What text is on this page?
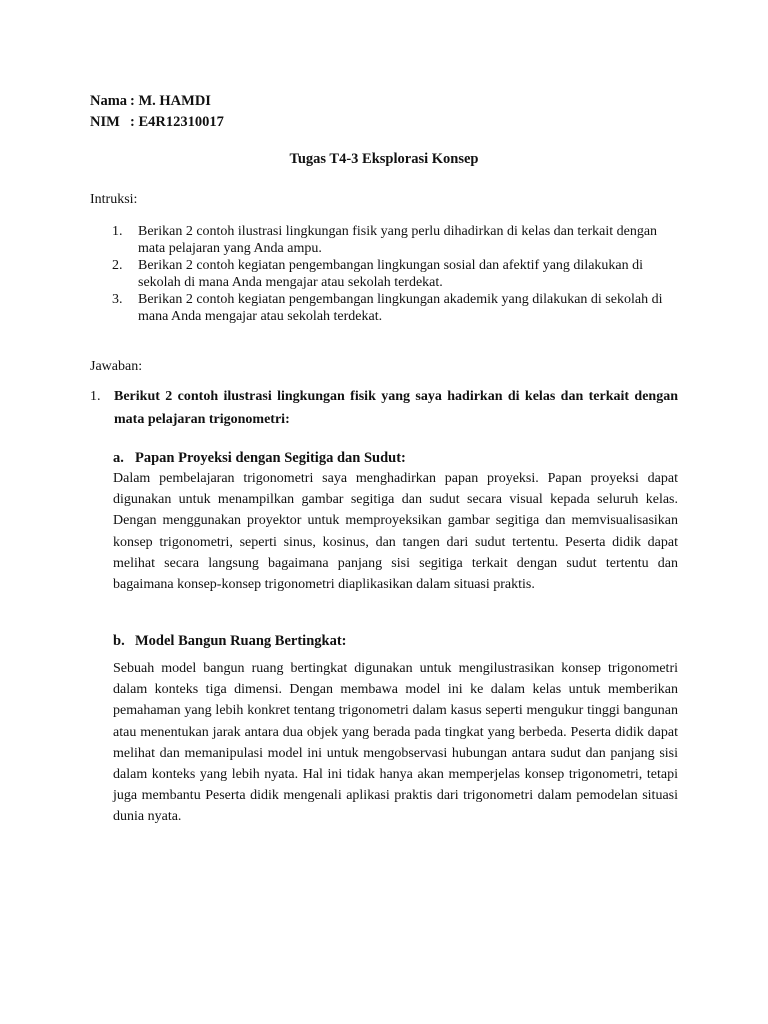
Nama : M. HAMDI
NIM : E4R12310017
Tugas T4-3 Eksplorasi Konsep
Intruksi:
1.	Berikan 2 contoh ilustrasi lingkungan fisik yang perlu dihadirkan di kelas dan terkait dengan mata pelajaran yang Anda ampu.
2.	Berikan 2 contoh kegiatan pengembangan lingkungan sosial dan afektif yang dilakukan di sekolah di mana Anda mengajar atau sekolah terdekat.
3.	Berikan 2 contoh kegiatan pengembangan lingkungan akademik yang dilakukan di sekolah di mana Anda mengajar atau sekolah terdekat.
Jawaban:
1. Berikut 2 contoh ilustrasi lingkungan fisik yang saya hadirkan di kelas dan terkait dengan mata pelajaran trigonometri:
a. Papan Proyeksi dengan Segitiga dan Sudut:
Dalam pembelajaran trigonometri saya menghadirkan papan proyeksi. Papan proyeksi dapat digunakan untuk menampilkan gambar segitiga dan sudut secara visual kepada seluruh kelas. Dengan menggunakan proyektor untuk memproyeksikan gambar segitiga dan memvisualisasikan konsep trigonometri, seperti sinus, kosinus, dan tangen dari sudut tertentu. Peserta didik dapat melihat secara langsung bagaimana panjang sisi segitiga terkait dengan sudut tertentu dan bagaimana konsep-konsep trigonometri diaplikasikan dalam situasi praktis.
b. Model Bangun Ruang Bertingkat:
Sebuah model bangun ruang bertingkat digunakan untuk mengilustrasikan konsep trigonometri dalam konteks tiga dimensi. Dengan membawa model ini ke dalam kelas untuk memberikan pemahaman yang lebih konkret tentang trigonometri dalam kasus seperti mengukur tinggi bangunan atau menentukan jarak antara dua objek yang berada pada tingkat yang berbeda. Peserta didik dapat melihat dan memanipulasi model ini untuk mengobservasi hubungan antara sudut dan panjang sisi dalam konteks yang lebih nyata. Hal ini tidak hanya akan memperjelas konsep trigonometri, tetapi juga membantu Peserta didik mengenali aplikasi praktis dari trigonometri dalam pemodelan situasi dunia nyata.
